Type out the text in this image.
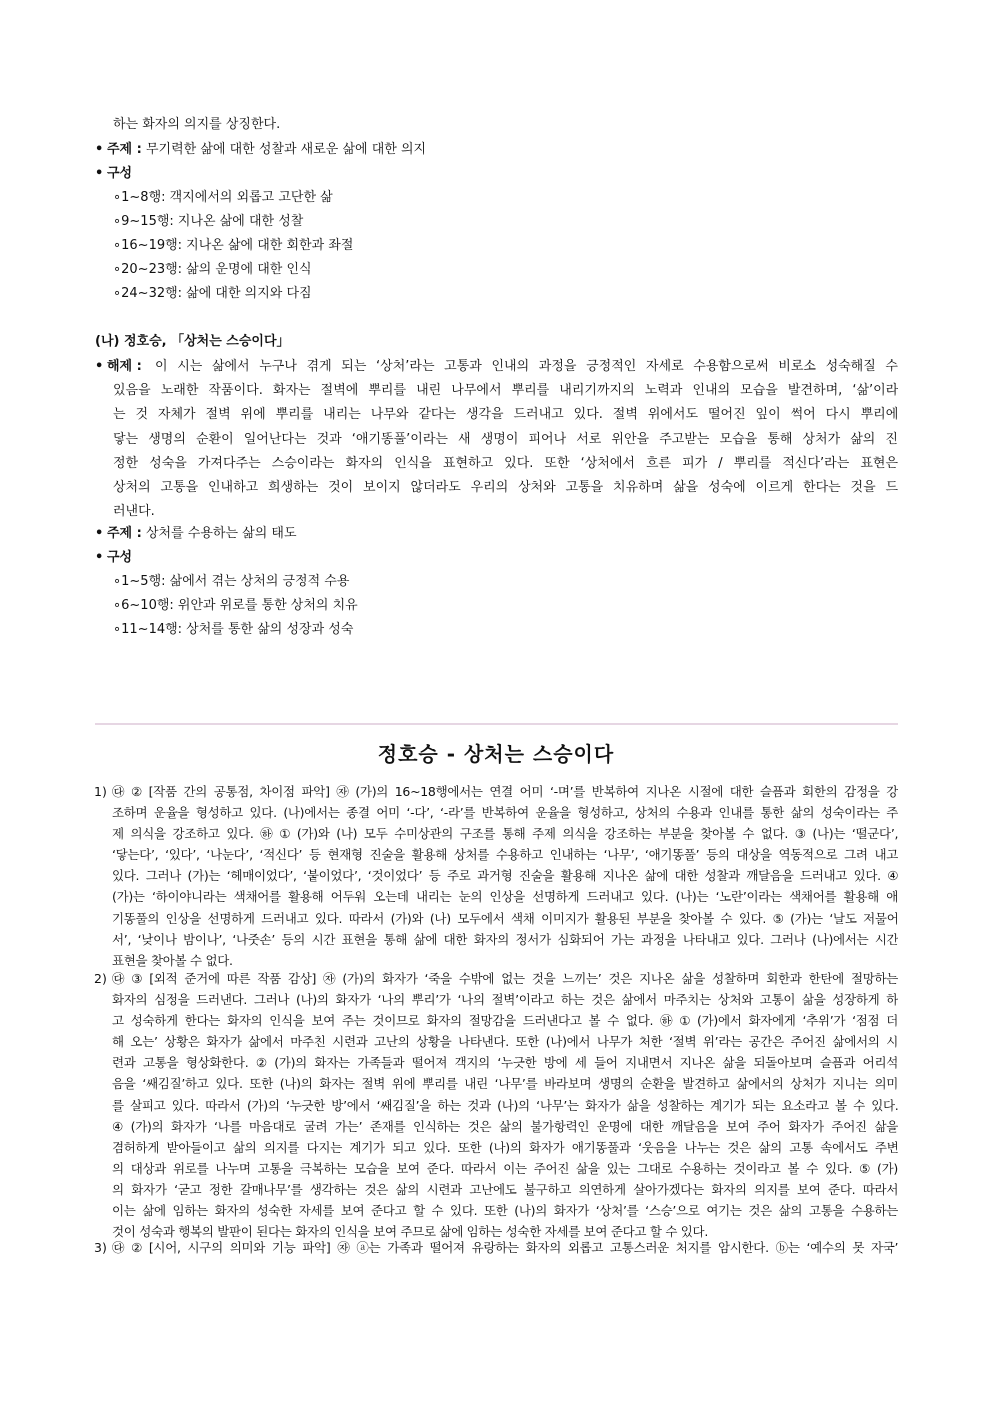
하는 화자의 의지를 상징한다.
• 주제 : 무기력한 삶에 대한 성찰과 새로운 삶에 대한 의지
• 구성
∘1~8행: 객지에서의 외롭고 고단한 삶
∘9~15행: 지나온 삶에 대한 성찰
∘16~19행: 지나온 삶에 대한 회한과 좌절
∘20~23행: 삶의 운명에 대한 인식
∘24~32행: 삶에 대한 의지와 다짐
(나) 정호승, 「상처는 스승이다」
• 해제 :	이 시는 삶에서 누구나 겪게 되는 ‘상처’라는 고통과 인내의 과정을 긍정적인 자세로 수용함으로써 비로소 성숙해질 수
있음을 노래한 작품이다. 화자는 절벽에 뿌리를 내린 나무에서 뿌리를 내리기까지의 노력과 인내의 모습을 발견하며, ‘삶’이라
는 것 자체가 절벽 위에 뿌리를 내리는 나무와 같다는 생각을 드러내고 있다. 절벽 위에서도 떨어진 잎이 썩어 다시 뿌리에
닿는 생명의 순환이 일어난다는 것과 ‘애기똥풀’이라는 새 생명이 피어나 서로 위안을 주고받는 모습을 통해 상처가 삶의 진
정한 성숙을 가져다주는 스승이라는 화자의 인식을 표현하고 있다. 또한 ‘상처에서 흐른 피가 / 뿌리를 적신다’라는 표현은
상처의 고통을 인내하고 희생하는 것이 보이지 않더라도 우리의 상처와 고통을 치유하며 삶을 성숙에 이르게 한다는 것을 드
러낸다.
• 주제 : 상처를 수용하는 삶의 태도
• 구성
∘1~5행: 삶에서 겪는 상처의 긍정적 수용
∘6~10행: 위안과 위로를 통한 상처의 치유
∘11~14행: 상처를 통한 삶의 성장과 성숙
정호승 - 상처는 스승이다
1) ㉰ ② [작품 간의 공통점, 차이점 파악] ㉶ (가)의 16~18행에서는 연결 어미 ‘-며’를 반복하여 지나온 시절에 대한 슬픔과 회한의 감정을 강
조하며 운율을 형성하고 있다. (나)에서는 종결 어미 ‘-다’, ‘-라’를 반복하여 운율을 형성하고, 상처의 수용과 인내를 통한 삶의 성숙이라는 주
제 의식을 강조하고 있다. ㉻ ① (가)와 (나) 모두 수미상관의 구조를 통해 주제 의식을 강조하는 부분을 찾아볼 수 없다. ③ (나)는 ‘떨군다’,
‘닿는다’, ‘있다’, ‘나눈다’, ‘적신다’ 등 현재형 진술을 활용해 상처를 수용하고 인내하는 ‘나무’, ‘애기똥풀’ 등의 대상을 역동적으로 그려 내고
있다. 그러나 (가)는 ‘헤매이었다’, ‘붙이었다’, ‘것이었다’ 등 주로 과거형 진술을 활용해 지나온 삶에 대한 성찰과 깨달음을 드러내고 있다. ④
(가)는 ‘하이야니라는 색채어를 활용해 어두워 오는데 내리는 눈의 인상을 선명하게 드러내고 있다. (나)는 ‘노란’이라는 색채어를 활용해 애
기똥풀의 인상을 선명하게 드러내고 있다. 따라서 (가)와 (나) 모두에서 색채 이미지가 활용된 부분을 찾아볼 수 있다. ⑤ (가)는 ‘날도 저물어
서’, ‘낮이나 밤이나’, ‘나줏손’ 등의 시간 표현을 통해 삶에 대한 화자의 정서가 심화되어 가는 과정을 나타내고 있다. 그러나 (나)에서는 시간
표현을 찾아볼 수 없다.
2) ㉰ ③ [외적 준거에 따른 작품 감상] ㉶ (가)의 화자가 ‘죽을 수밖에 없는 것을 느끼는’ 것은 지나온 삶을 성찰하며 회한과 한탄에 절망하는
화자의 심정을 드러낸다. 그러나 (나)의 화자가 ‘나의 뿌리’가 ‘나의 절벽’이라고 하는 것은 삶에서 마주치는 상처와 고통이 삶을 성장하게 하
고 성숙하게 한다는 화자의 인식을 보여 주는 것이므로 화자의 절망감을 드러낸다고 볼 수 없다. ㉻ ① (가)에서 화자에게 ‘추위’가 ‘점점 더
해 오는’ 상황은 화자가 삶에서 마주친 시련과 고난의 상황을 나타낸다. 또한 (나)에서 나무가 처한 ‘절벽 위’라는 공간은 주어진 삶에서의 시
련과 고통을 형상화한다. ② (가)의 화자는 가족들과 떨어져 객지의 ‘누긋한 방에 세 들어 지내면서 지나온 삶을 되돌아보며 슬픔과 어리석
음을 ‘쌔김질’하고 있다. 또한 (나)의 화자는 절벽 위에 뿌리를 내린 ‘나무’를 바라보며 생명의 순환을 발견하고 삶에서의 상처가 지니는 의미
를 살피고 있다. 따라서 (가)의 ‘누긋한 방’에서 ‘쌔김질’을 하는 것과 (나)의 ‘나무’는 화자가 삶을 성찰하는 계기가 되는 요소라고 볼 수 있다.
④ (가)의 화자가 ‘나를 마음대로 굴려 가는’ 존재를 인식하는 것은 삶의 불가항력인 운명에 대한 깨달음을 보여 주어 화자가 주어진 삶을
겸허하게 받아들이고 삶의 의지를 다지는 계기가 되고 있다. 또한 (나)의 화자가 애기똥풀과 ‘웃음을 나누는 것은 삶의 고통 속에서도 주변
의 대상과 위로를 나누며 고통을 극복하는 모습을 보여 준다. 따라서 이는 주어진 삶을 있는 그대로 수용하는 것이라고 볼 수 있다. ⑤ (가)
의 화자가 ‘굳고 정한 갈매나무’를 생각하는 것은 삶의 시련과 고난에도 불구하고 의연하게 살아가겠다는 화자의 의지를 보여 준다. 따라서
이는 삶에 임하는 화자의 성숙한 자세를 보여 준다고 할 수 있다. 또한 (나)의 화자가 ‘상처’를 ‘스승’으로 여기는 것은 삶의 고통을 수용하는
것이 성숙과 행복의 발판이 된다는 화자의 인식을 보여 주므로 삶에 임하는 성숙한 자세를 보여 준다고 할 수 있다.
3) ㉰ ② [시어, 시구의 의미와 기능 파악] ㉶ ⓐ는 가족과 떨어져 유랑하는 화자의 외롭고 고통스러운 처지를 암시한다. ⓑ는 ‘예수의 못 자국’
